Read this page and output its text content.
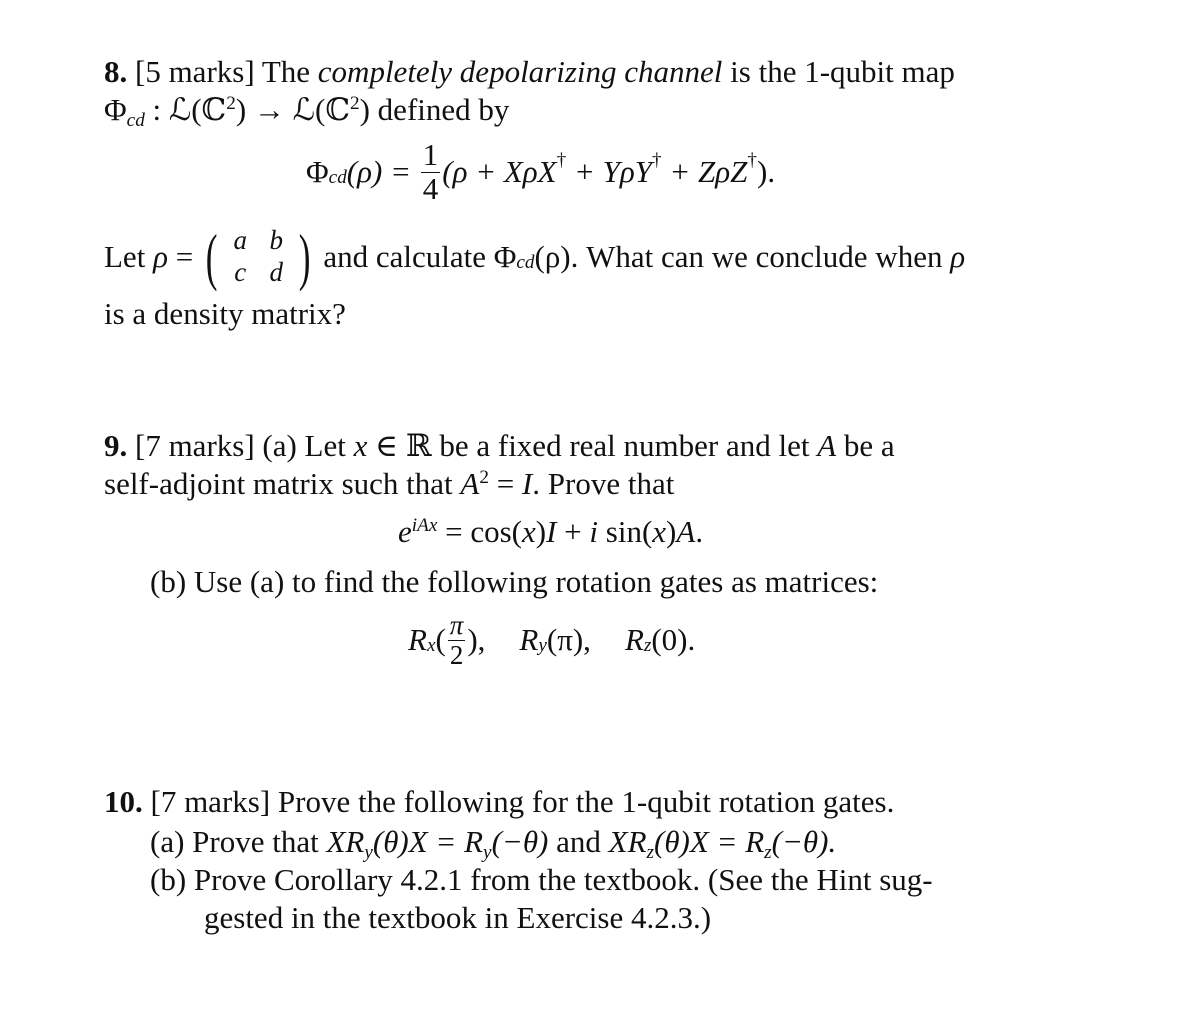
8. [5 marks] The completely depolarizing channel is the 1-qubit map
Φcd : ℒ(ℂ$^2$) → ℒ(ℂ$^2$) defined by
Φ cd $(\rho) = \frac{1}{4} (\rho + X\rho X$ † + YρY † + ZρZ † ).
Let ρ = ( a b
c d ) and calculate Φ cd (ρ). What can we conclude when ρ
is a density matrix?
9. [7 marks] (a) Let x ∈ ℝ be a fixed real number and let A be a
self-adjoint matrix such that $A^2 = I$. Prove that
$e^{iAx} = \cos(x)I + i$ sin(x)A.
(b) Use (a) to find the following rotation gates as matrices:
R x ( $\frac{\pi}{2}$ ), R y (π), R z (0).
10. [7 marks] Prove the following for the 1-qubit rotation gates.
(a) Prove that XRy(θ)X = Ry(−θ) and XRz(θ)X = Rz(−θ).
(b) Prove Corollary 4.2.1 from the textbook. (See the Hint sug-
gested in the textbook in Exercise 4.2.3.)
